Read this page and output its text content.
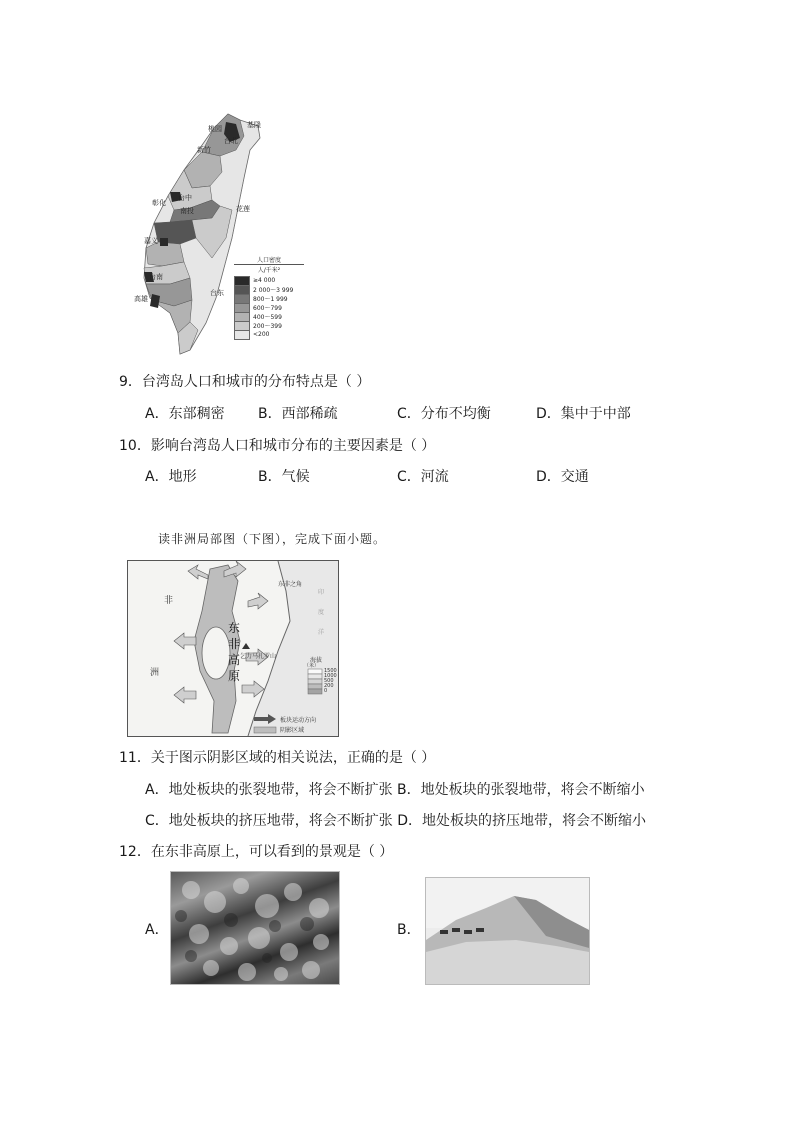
桃园	基隆
台北
新竹
彰化
台中
南投	花莲
嘉义
台南
高雄
台东
人口密度
人/千米²
≥4 000
2 000～3 999
800～1 999
600～799
400～599
200～399
<200
9．台湾岛人口和城市的分布特点是（ ）
A．东部稠密 B．西部稀疏	C．分布不均衡	D．集中于中部
10．影响台湾岛人口和城市分布的主要因素是（ ）
A．地形	B．气候	C．河流	D．交通
读非洲局部图（下图），完成下面小题。
非
洲
东
非
高
原
东非之角
乞力马扎罗山
印
度
洋
海拔
（米）
1500
1000
500
200
0
板块运动方向
阴影区域
11．关于图示阴影区域的相关说法，正确的是（ ）
A．地处板块的张裂地带，将会不断扩张 B．地处板块的张裂地带，将会不断缩小
C．地处板块的挤压地带，将会不断扩张 D．地处板块的挤压地带，将会不断缩小
12．在东非高原上，可以看到的景观是（ ）
A．	B．
